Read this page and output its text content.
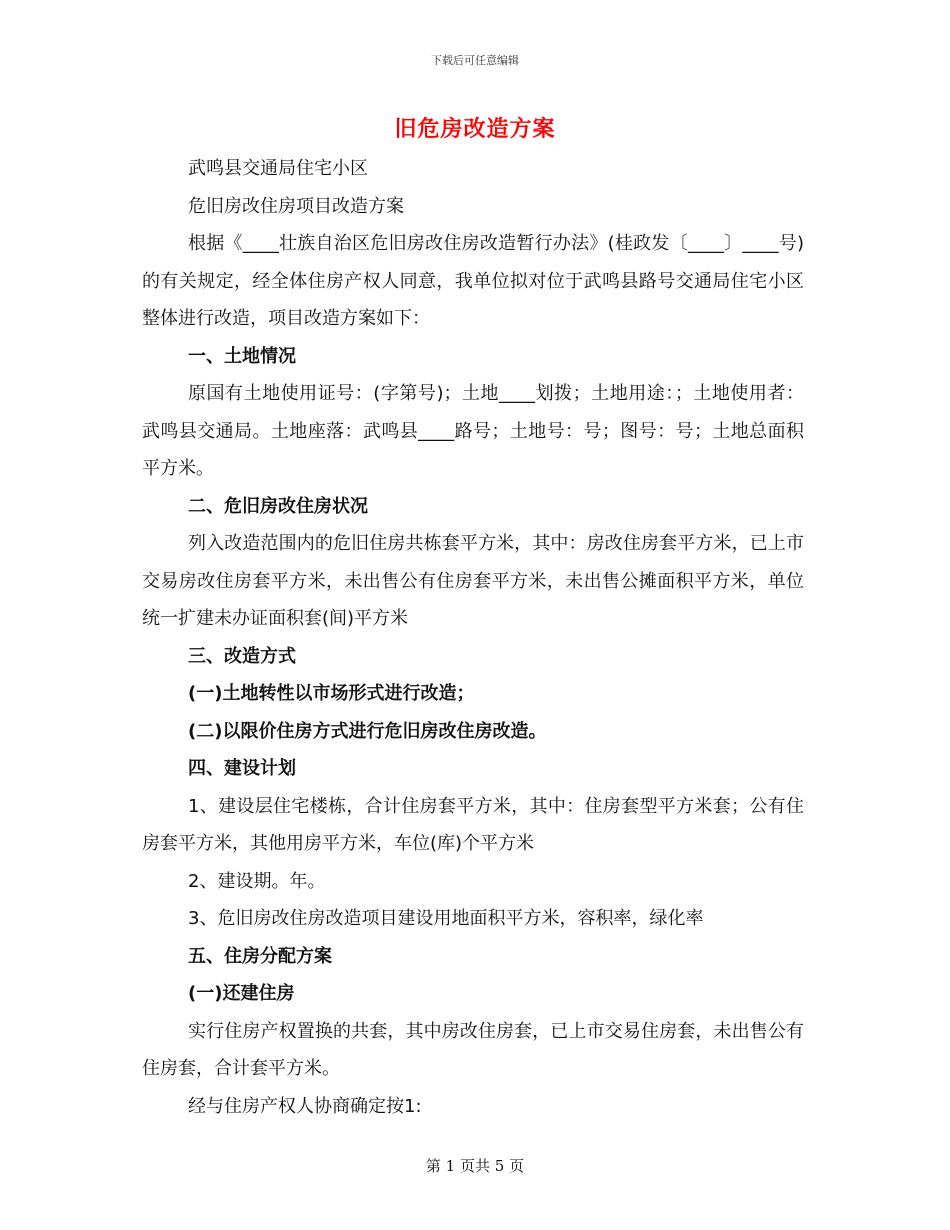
下载后可任意编辑
旧危房改造方案

武鸣县交通局住宅小区

危旧房改住房项目改造方案

根据《____壮族自治区危旧房改住房改造暂行办法》(桂政发〔____〕____号)的有关规定，经全体住房产权人同意，我单位拟对位于武鸣县路号交通局住宅小区整体进行改造，项目改造方案如下：

一、土地情况

原国有土地使用证号：(字第号)；土地____划拨；土地用途：；土地使用者：武鸣县交通局。土地座落：武鸣县____路号；土地号：号；图号：号；土地总面积平方米。

二、危旧房改住房状况

列入改造范围内的危旧住房共栋套平方米，其中：房改住房套平方米，已上市交易房改住房套平方米，未出售公有住房套平方米，未出售公摊面积平方米，单位统一扩建未办证面积套(间)平方米

三、改造方式

(一)土地转性以市场形式进行改造；

(二)以限价住房方式进行危旧房改住房改造。

四、建设计划

1、建设层住宅楼栋，合计住房套平方米，其中：住房套型平方米套；公有住房套平方米，其他用房平方米，车位(库)个平方米

2、建设期。年。

3、危旧房改住房改造项目建设用地面积平方米，容积率，绿化率

五、住房分配方案

(一)还建住房

实行住房产权置换的共套，其中房改住房套，已上市交易住房套，未出售公有住房套，合计套平方米。

经与住房产权人协商确定按1:

第 1 页共 5 页
